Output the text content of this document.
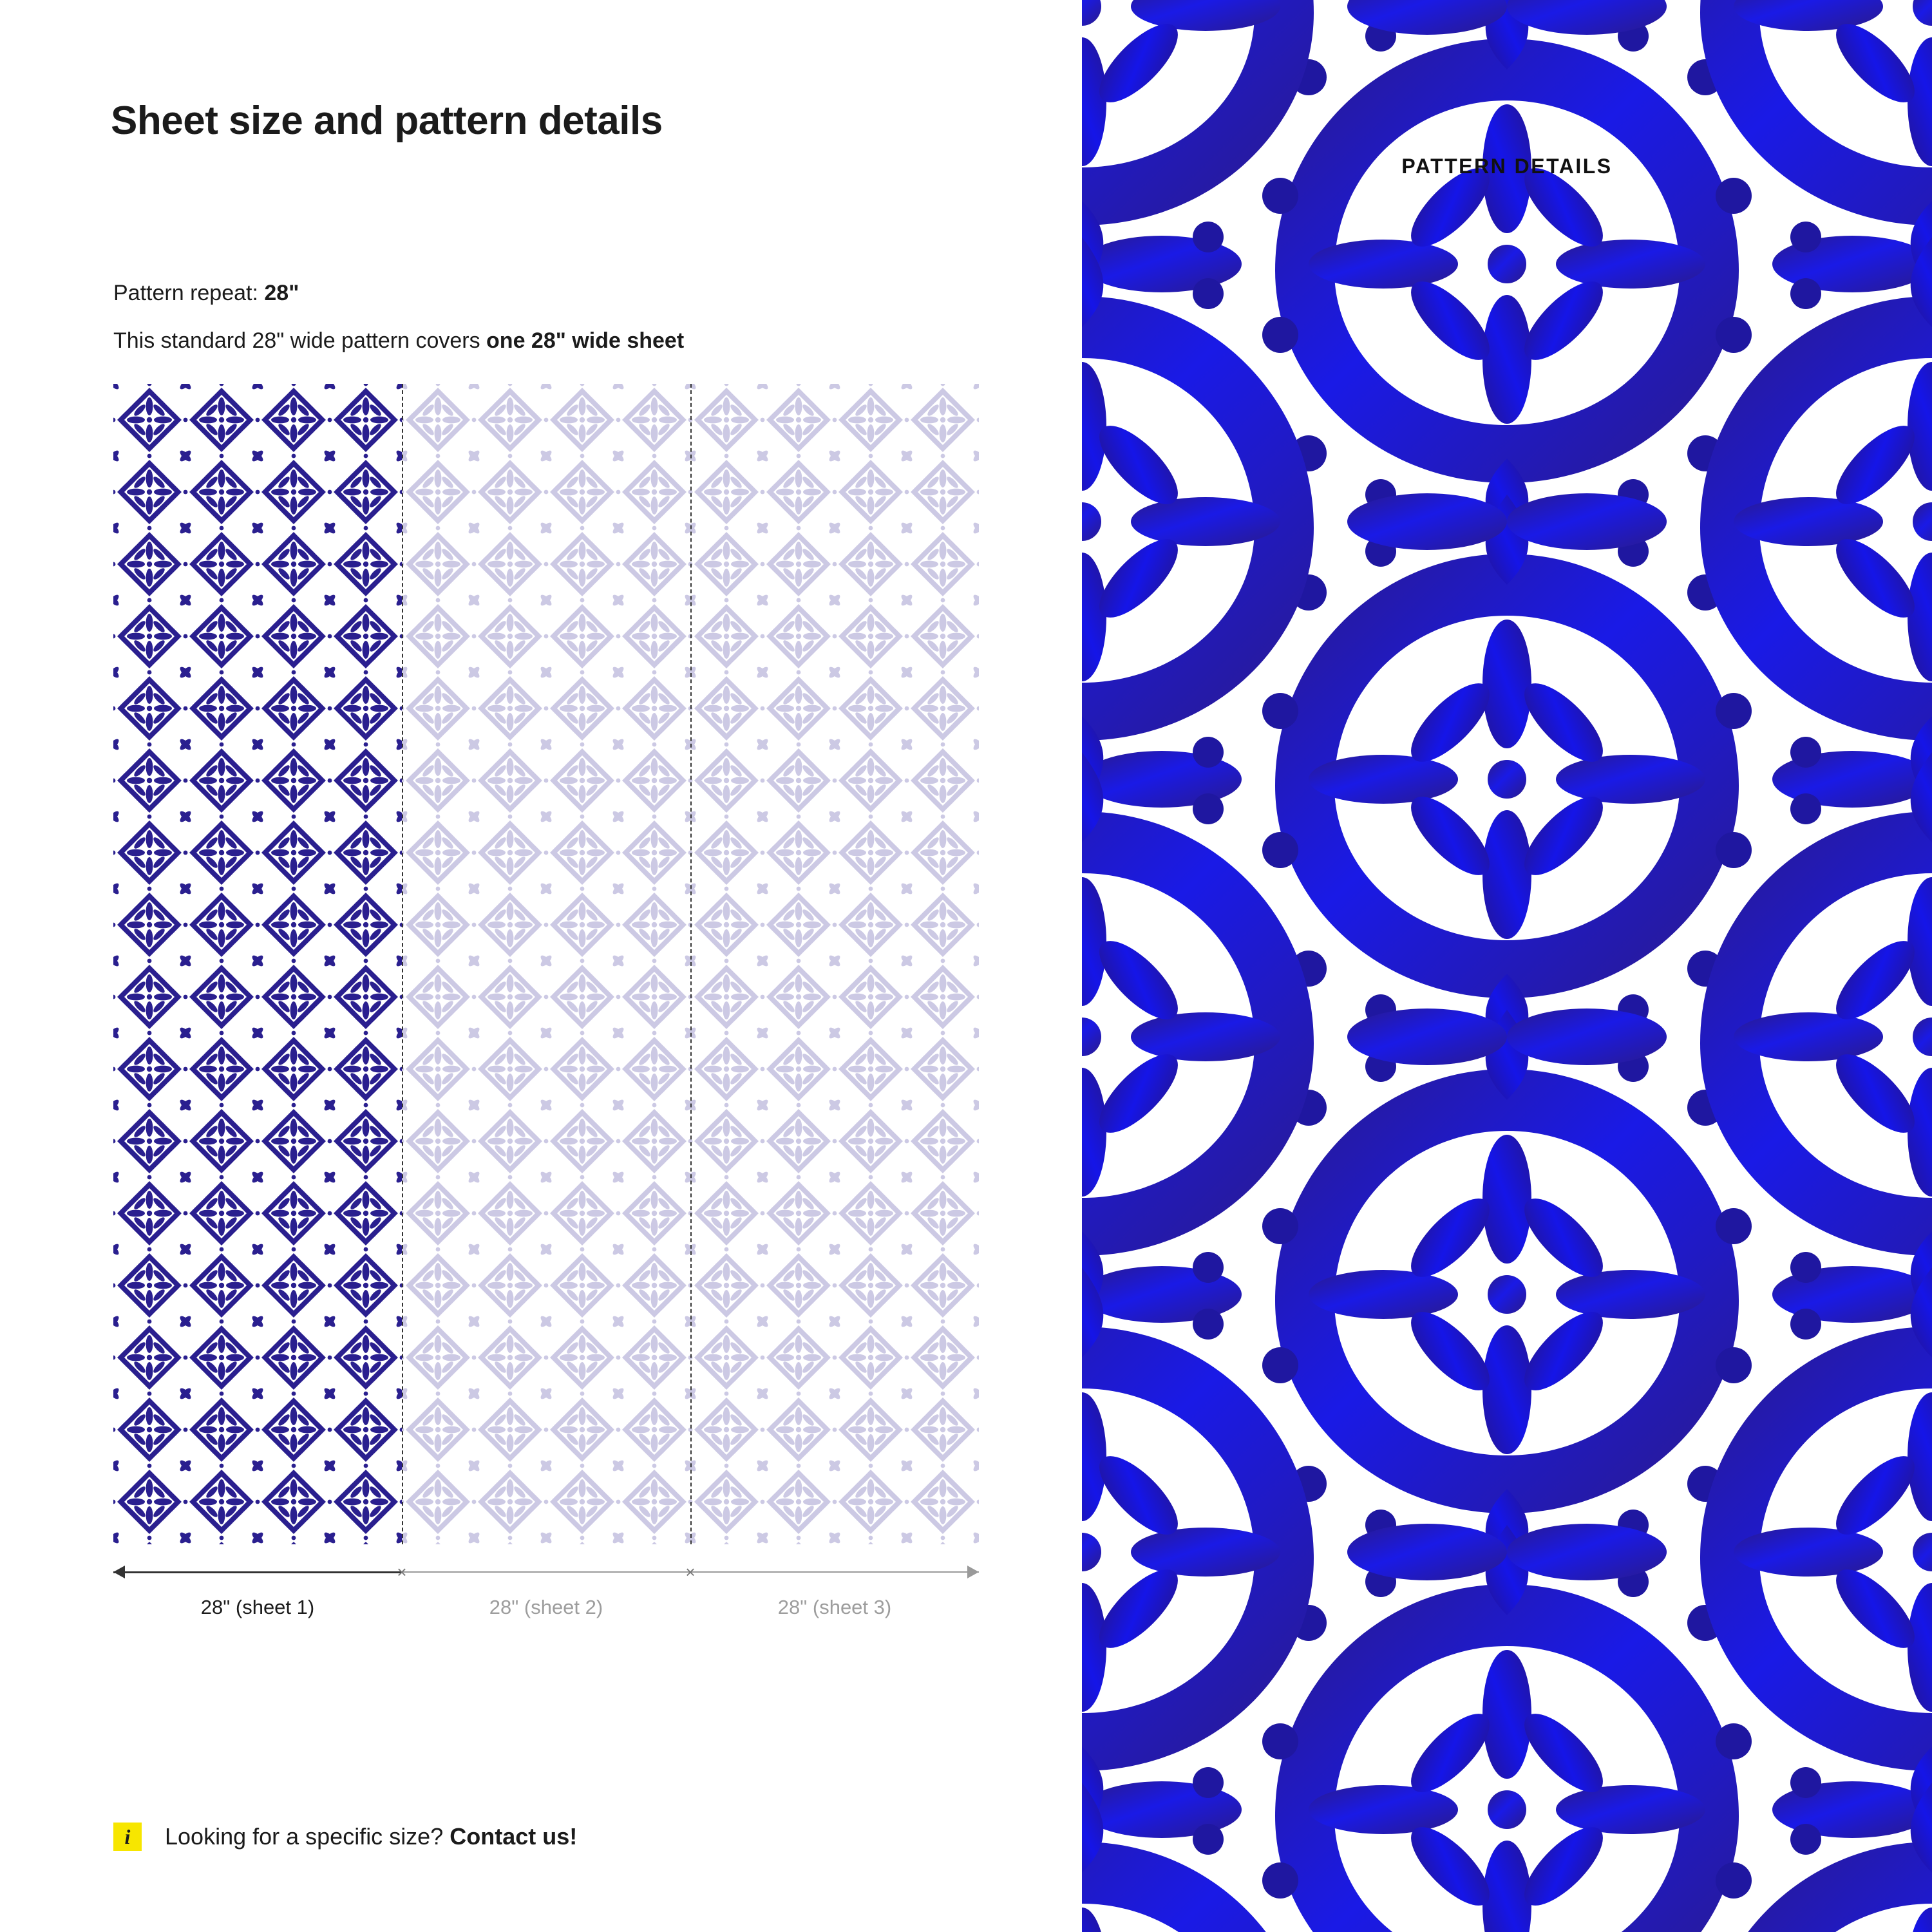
Sheet size and pattern details
Pattern repeat: 28"
This standard 28" wide pattern covers one 28" wide sheet
×	×
28" (sheet 1)	28" (sheet 2)	28" (sheet 3)
i	Looking for a specific size? Contact us!
PATTERN DETAILS
